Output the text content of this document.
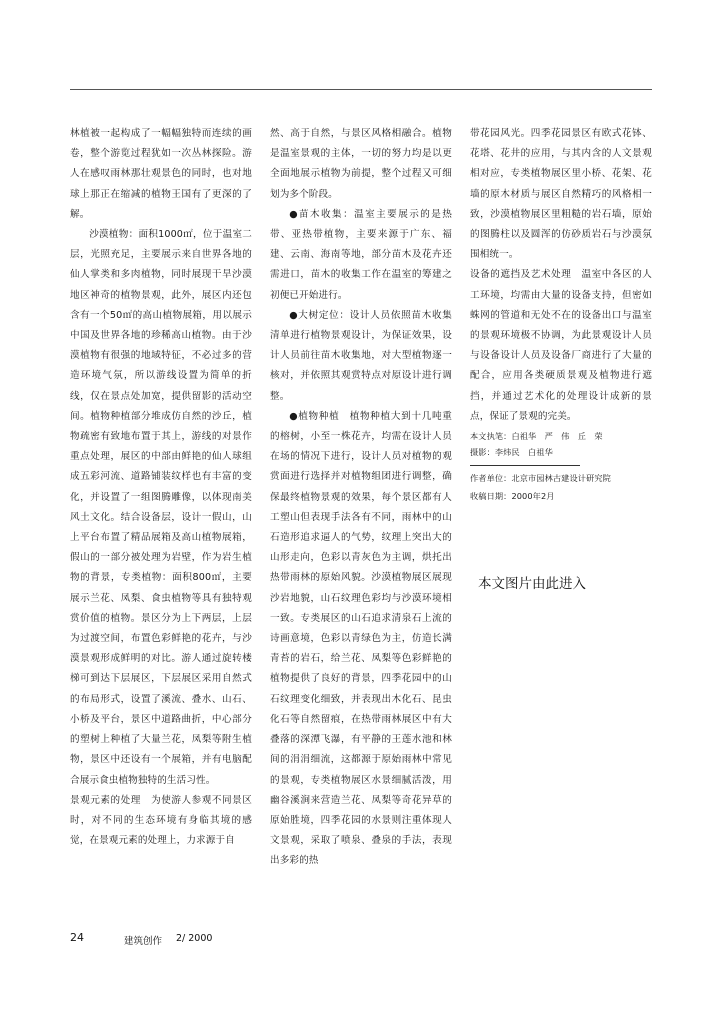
林植被一起构成了一幅幅独特而连续的画卷，整个游览过程犹如一次丛林探险。游人在感叹雨林那壮观景色的同时，也对地球上那正在缩减的植物王国有了更深的了解。

沙漠植物：面积1000㎡，位于温室二层，光照充足，主要展示来自世界各地的仙人掌类和多肉植物，同时展现干旱沙漠地区神奇的植物景观，此外，展区内还包含有一个50㎡的高山植物展箱，用以展示中国及世界各地的珍稀高山植物。由于沙漠植物有很强的地域特征，不必过多的营造环境气氛，所以游线设置为简单的折线，仅在景点处加宽，提供留影的活动空间。植物种植部分堆成仿自然的沙丘，植物疏密有致地布置于其上，游线的对景作重点处理，展区的中部由鲜艳的仙人球组成五彩河流、道路铺装纹样也有丰富的变化，并设置了一组图腾雕像，以体现南美风土文化。结合设备层，设计一假山，山上平台布置了精品展箱及高山植物展箱，假山的一部分被处理为岩壁，作为岩生植物的背景，专类植物：面积800㎡，主要展示兰花、凤梨、食虫植物等具有独特观赏价值的植物。景区分为上下两层，上层为过渡空间，布置色彩鲜艳的花卉，与沙漠景观形成鲜明的对比。游人通过旋转楼梯可到达下层展区，下层展区采用自然式的布局形式，设置了溪流、叠水、山石、小桥及平台，景区中道路曲折，中心部分的塑树上种植了大量兰花，凤梨等附生植物，景区中还设有一个展箱，并有电脑配合展示食虫植物独特的生活习性。

景观元素的处理　为使游人参观不同景区时，对不同的生态环境有身临其境的感觉，在景观元素的处理上，力求源于自

然、高于自然，与景区风格相融合。植物是温室景观的主体，一切的努力均是以更全面地展示植物为前提，整个过程又可细划为多个阶段。

●苗木收集：温室主要展示的是热带、亚热带植物，主要来源于广东、福建、云南、海南等地，部分苗木及花卉还需进口，苗木的收集工作在温室的筹建之初便已开始进行。

●大树定位：设计人员依照苗木收集清单进行植物景观设计，为保证效果，设计人员前往苗木收集地，对大型植物逐一核对，并依照其观赏特点对原设计进行调整。

●植物种植　植物种植大到十几吨重的榕树，小至一株花卉，均需在设计人员在场的情况下进行，设计人员对植物的观赏面进行选择并对植物组团进行调整，确保最终植物景观的效果，每个景区都有人工塑山但表现手法各有不同，雨林中的山石造形追求逼人的气势，纹理上突出大的山形走向，色彩以青灰色为主调，烘托出热带雨林的原始风貌。沙漠植物展区展现沙岩地貌，山石纹理色彩均与沙漠环境相一致。专类展区的山石追求清泉石上流的诗画意境，色彩以青绿色为主，仿造长满青苔的岩石，给兰花、凤梨等色彩鲜艳的植物提供了良好的背景，四季花园中的山石纹理变化细致，并表现出木化石、昆虫化石等自然留痕，在热带雨林展区中有大叠落的深潭飞瀑，有平静的王莲水池和林间的涓涓细流，这都源于原始雨林中常见的景观，专类植物展区水景细腻活泼，用幽谷溪涧来营造兰花、凤梨等奇花异草的原始胜境，四季花园的水景则注重体现人文景观，采取了喷泉、叠泉的手法，表现出多彩的热

带花园风光。四季花园景区有欧式花钵、花塔、花井的应用，与其内含的人文景观相对应，专类植物展区里小桥、花架、花墙的原木材质与展区自然精巧的风格相一致，沙漠植物展区里粗糙的岩石墙，原始的图腾柱以及圆浑的仿砂质岩石与沙漠氛围相统一。

设备的遮挡及艺术处理　温室中各区的人工环境，均需由大量的设备支持，但密如蛛网的管道和无处不在的设备出口与温室的景观环境极不协调，为此景观设计人员与设备设计人员及设备厂商进行了大量的配合，应用各类硬质景观及植物进行遮挡，并通过艺术化的处理设计成新的景点，保证了景观的完美。

本文执笔：白祖华　严　伟　丘　荣
摄影：李炜民　白祖华
作者单位：北京市园林古建设计研究院
收稿日期：2000年2月
本文图片由此进入
24	建筑创作 2/ 2000
